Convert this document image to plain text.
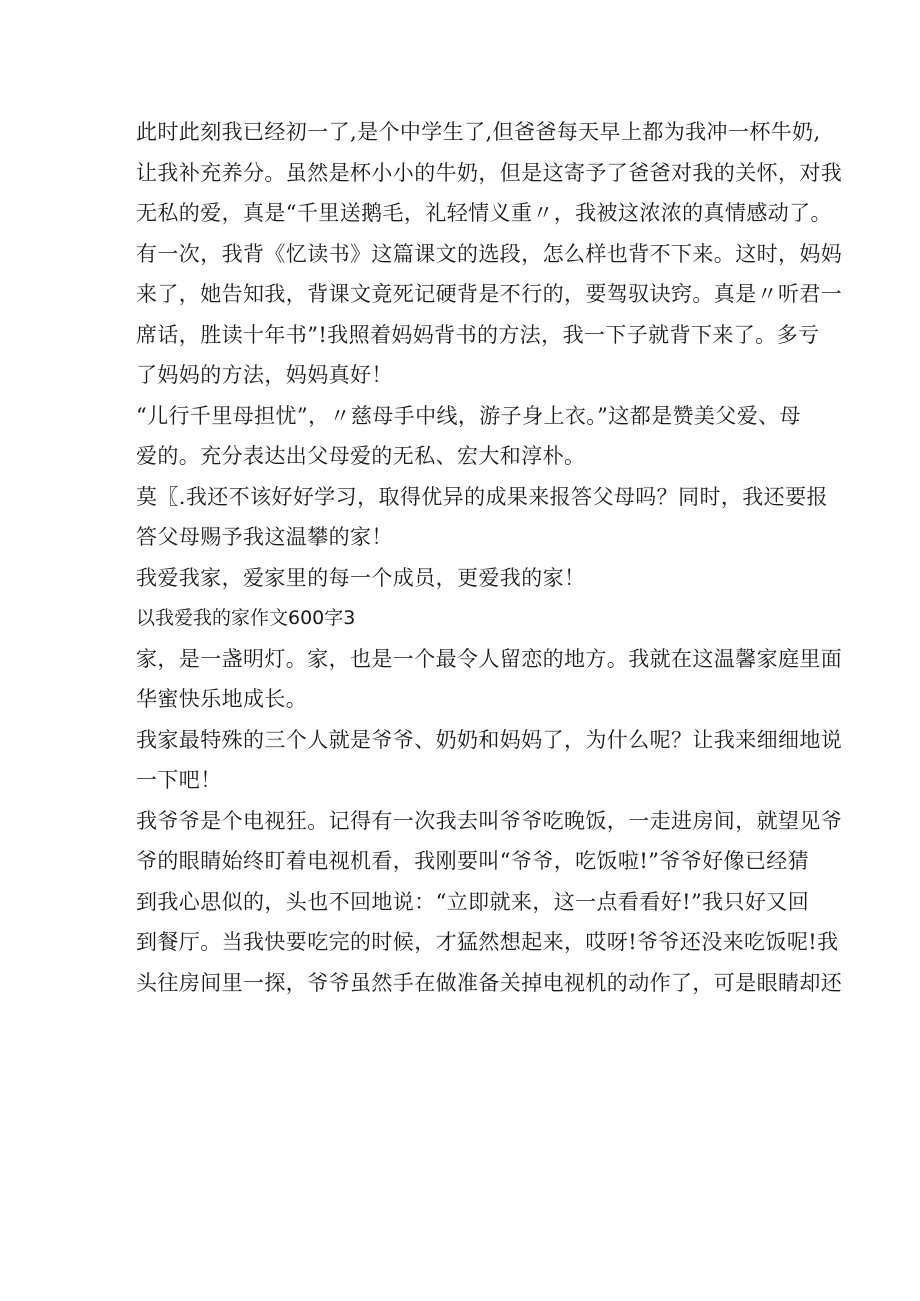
此时此刻我已经初一了,是个中学生了,但爸爸每天早上都为我冲一杯牛奶,
让我补充养分。虽然是杯小小的牛奶，但是这寄予了爸爸对我的关怀，对我
无私的爱，真是“千里送鹅毛，礼轻情义重〃，我被这浓浓的真情感动了。
有一次，我背《忆读书》这篇课文的选段，怎么样也背不下来。这时，妈妈
来了，她告知我，背课文竟死记硬背是不行的，要驾驭诀窍。真是〃听君一
席话，胜读十年书”!我照着妈妈背书的方法，我一下子就背下来了。多亏
了妈妈的方法，妈妈真好！
“儿行千里母担忧”，〃慈母手中线，游子身上衣。”这都是赞美父爱、母
爱的。充分表达出父母爱的无私、宏大和淳朴。
莫〖.我还不该好好学习，取得优异的成果来报答父母吗？同时，我还要报
答父母赐予我这温攀的家！
我爱我家，爱家里的每一个成员，更爱我的家！
以我爱我的家作文600字3
家，是一盏明灯。家，也是一个最令人留恋的地方。我就在这温馨家庭里面
华蜜快乐地成长。
我家最特殊的三个人就是爷爷、奶奶和妈妈了，为什么呢？让我来细细地说
一下吧！
我爷爷是个电视狂。记得有一次我去叫爷爷吃晚饭，一走进房间，就望见爷
爷的眼睛始终盯着电视机看，我刚要叫“爷爷，吃饭啦!”爷爷好像已经猜
到我心思似的，头也不回地说：“立即就来，这一点看看好!”我只好又回
到餐厅。当我快要吃完的时候，才猛然想起来，哎呀!爷爷还没来吃饭呢!我
头往房间里一探，爷爷虽然手在做准备关掉电视机的动作了，可是眼睛却还
